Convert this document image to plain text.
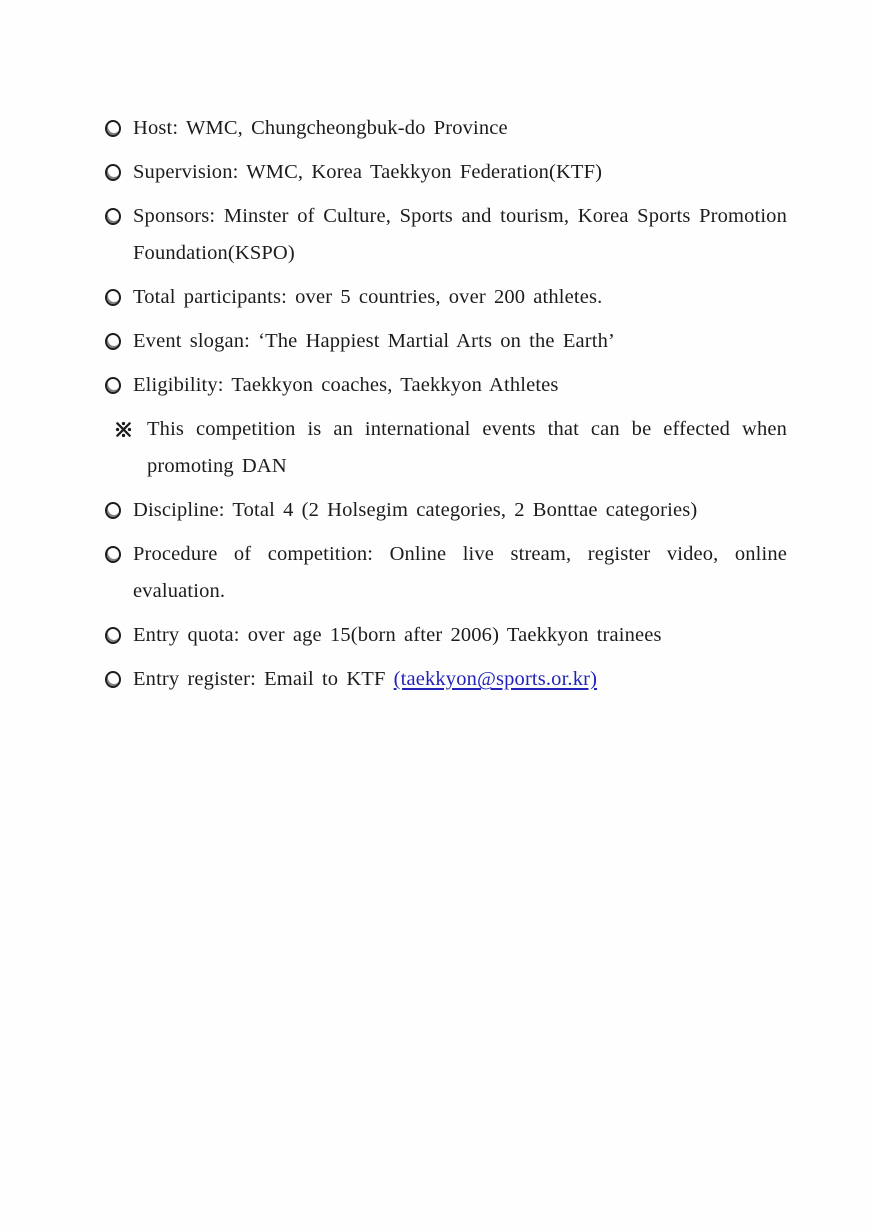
Host: WMC, Chungcheongbuk-do Province
Supervision: WMC, Korea Taekkyon Federation(KTF)
Sponsors: Minster of Culture, Sports and tourism, Korea Sports Promotion Foundation(KSPO)
Total participants: over 5 countries, over 200 athletes.
Event slogan: ‘The Happiest Martial Arts on the Earth’
Eligibility: Taekkyon coaches, Taekkyon Athletes
This competition is an international events that can be effected when promoting DAN
Discipline: Total 4 (2 Holsegim categories, 2 Bonttae categories)
Procedure of competition: Online live stream, register video, online evaluation.
Entry quota: over age 15(born after 2006) Taekkyon trainees
Entry register: Email to KTF (taekkyon@sports.or.kr)
